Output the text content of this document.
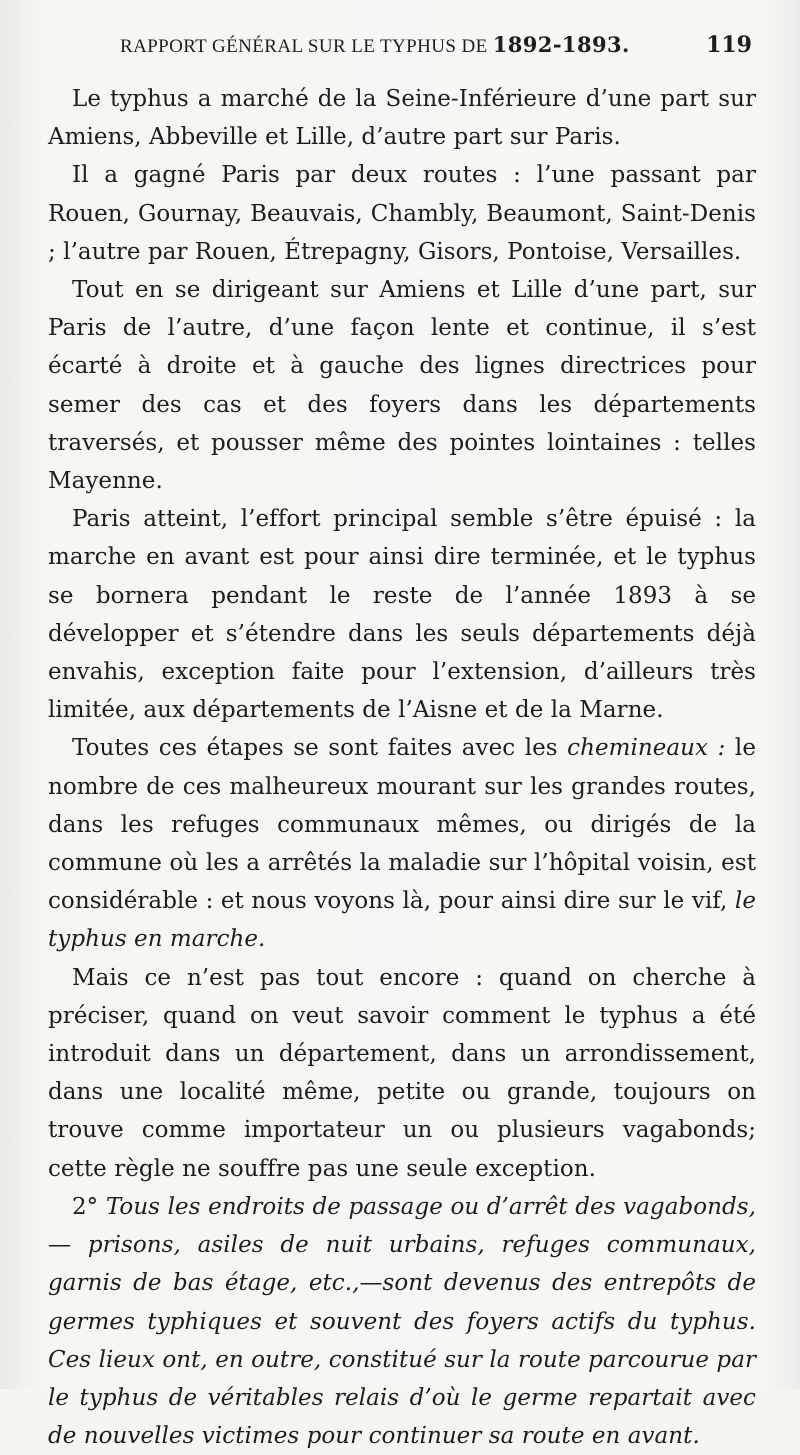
RAPPORT GÉNÉRAL SUR LE TYPHUS DE 1892-1893.	119

Le typhus a marché de la Seine-Inférieure d’une part sur Amiens, Abbeville et Lille, d’autre part sur Paris.

Il a gagné Paris par deux routes : l’une passant par Rouen, Gournay, Beauvais, Chambly, Beaumont, Saint-Denis ; l’autre par Rouen, Étrepagny, Gisors, Pontoise, Versailles.

Tout en se dirigeant sur Amiens et Lille d’une part, sur Paris de l’autre, d’une façon lente et continue, il s’est écarté à droite et à gauche des lignes directrices pour semer des cas et des foyers dans les départements traversés, et pousser même des pointes lointaines : telles Mayenne.

Paris atteint, l’effort principal semble s’être épuisé : la marche en avant est pour ainsi dire terminée, et le typhus se bornera pendant le reste de l’année 1893 à se développer et s’étendre dans les seuls départements déjà envahis, exception faite pour l’extension, d’ailleurs très limitée, aux départements de l’Aisne et de la Marne.

Toutes ces étapes se sont faites avec les chemineaux : le nombre de ces malheureux mourant sur les grandes routes, dans les refuges communaux mêmes, ou dirigés de la commune où les a arrêtés la maladie sur l’hôpital voisin, est considérable : et nous voyons là, pour ainsi dire sur le vif, le typhus en marche.

Mais ce n’est pas tout encore : quand on cherche à préciser, quand on veut savoir comment le typhus a été introduit dans un département, dans un arrondissement, dans une localité même, petite ou grande, toujours on trouve comme importateur un ou plusieurs vagabonds; cette règle ne souffre pas une seule exception.

2° Tous les endroits de passage ou d’arrêt des vagabonds,— prisons, asiles de nuit urbains, refuges communaux, garnis de bas étage, etc.,—sont devenus des entrepôts de germes typhiques et souvent des foyers actifs du typhus. Ces lieux ont, en outre, constitué sur la route parcourue par le typhus de véritables relais d’où le germe repartait avec de nouvelles victimes pour continuer sa route en avant.
